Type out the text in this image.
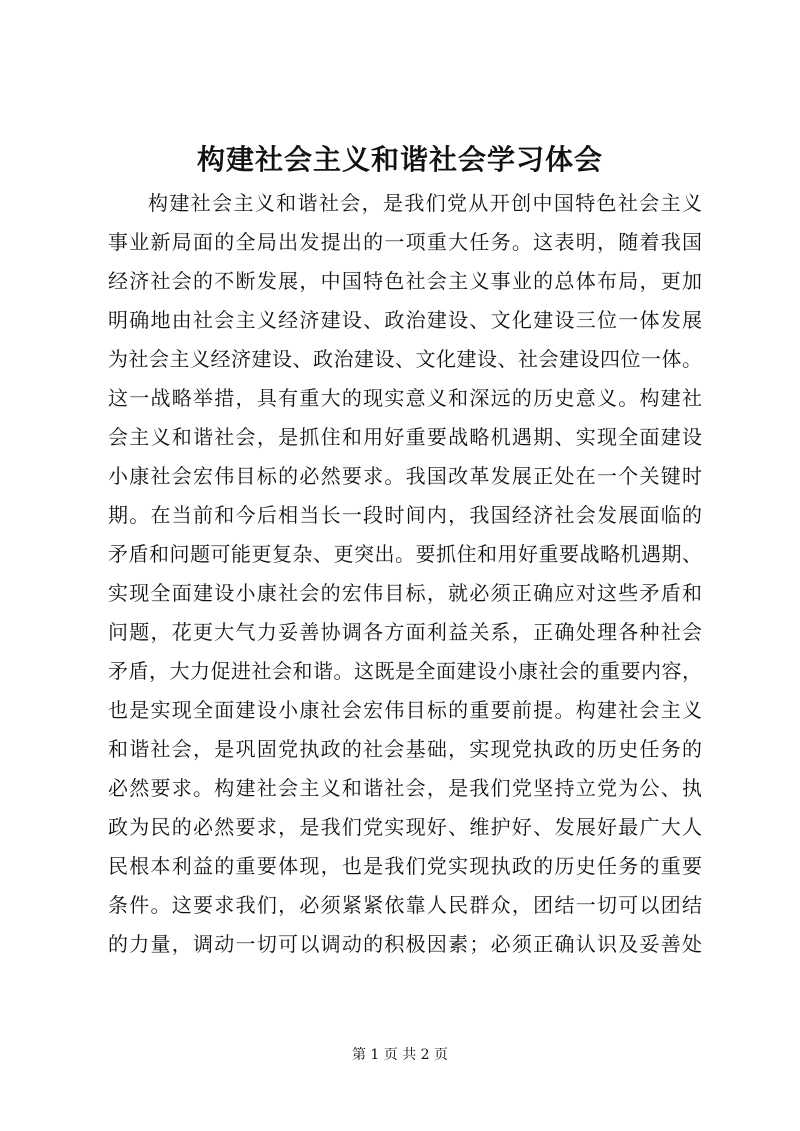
构建社会主义和谐社会学习体会
构建社会主义和谐社会，是我们党从开创中国特色社会主义
事业新局面的全局出发提出的一项重大任务。这表明，随着我国
经济社会的不断发展，中国特色社会主义事业的总体布局，更加
明确地由社会主义经济建设、政治建设、文化建设三位一体发展
为社会主义经济建设、政治建设、文化建设、社会建设四位一体。
这一战略举措，具有重大的现实意义和深远的历史意义。构建社
会主义和谐社会，是抓住和用好重要战略机遇期、实现全面建设
小康社会宏伟目标的必然要求。我国改革发展正处在一个关键时
期。在当前和今后相当长一段时间内，我国经济社会发展面临的
矛盾和问题可能更复杂、更突出。要抓住和用好重要战略机遇期、
实现全面建设小康社会的宏伟目标，就必须正确应对这些矛盾和
问题，花更大气力妥善协调各方面利益关系，正确处理各种社会
矛盾，大力促进社会和谐。这既是全面建设小康社会的重要内容，
也是实现全面建设小康社会宏伟目标的重要前提。构建社会主义
和谐社会，是巩固党执政的社会基础，实现党执政的历史任务的
必然要求。构建社会主义和谐社会，是我们党坚持立党为公、执
政为民的必然要求，是我们党实现好、维护好、发展好最广大人
民根本利益的重要体现，也是我们党实现执政的历史任务的重要
条件。这要求我们，必须紧紧依靠人民群众，团结一切可以团结
的力量，调动一切可以调动的积极因素；必须正确认识及妥善处
第 1 页 共 2 页
